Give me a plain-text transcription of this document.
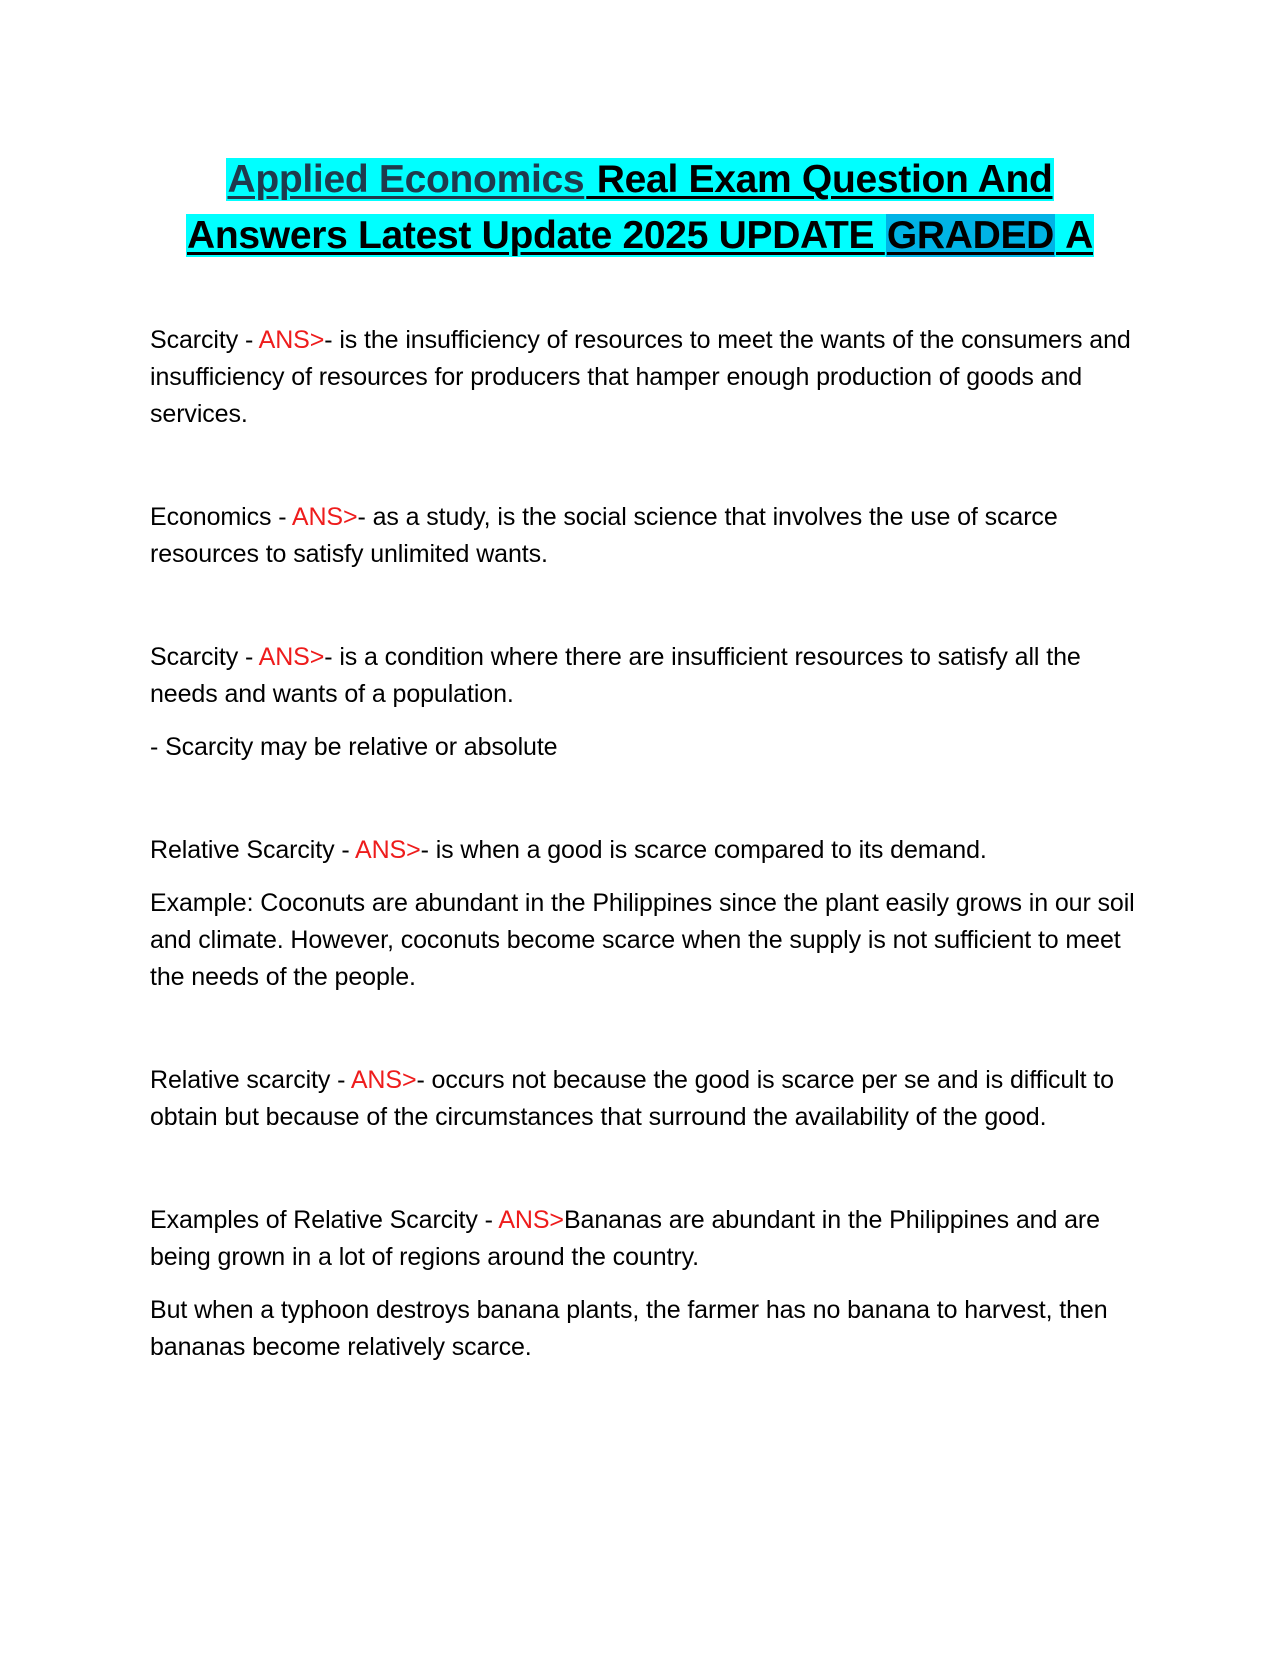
Applied Economics Real Exam Question And
Answers Latest Update 2025 UPDATE GRADED A

Scarcity - ANS>- is the insufficiency of resources to meet the wants of the consumers and insufficiency of resources for producers that hamper enough production of goods and services.

Economics - ANS>- as a study, is the social science that involves the use of scarce resources to satisfy unlimited wants.

Scarcity - ANS>- is a condition where there are insufficient resources to satisfy all the needs and wants of a population.

- Scarcity may be relative or absolute

Relative Scarcity - ANS>- is when a good is scarce compared to its demand.

Example: Coconuts are abundant in the Philippines since the plant easily grows in our soil and climate. However, coconuts become scarce when the supply is not sufficient to meet the needs of the people.

Relative scarcity - ANS>- occurs not because the good is scarce per se and is difficult to obtain but because of the circumstances that surround the availability of the good.

Examples of Relative Scarcity - ANS>Bananas are abundant in the Philippines and are being grown in a lot of regions around the country.

But when a typhoon destroys banana plants, the farmer has no banana to harvest, then bananas become relatively scarce.
